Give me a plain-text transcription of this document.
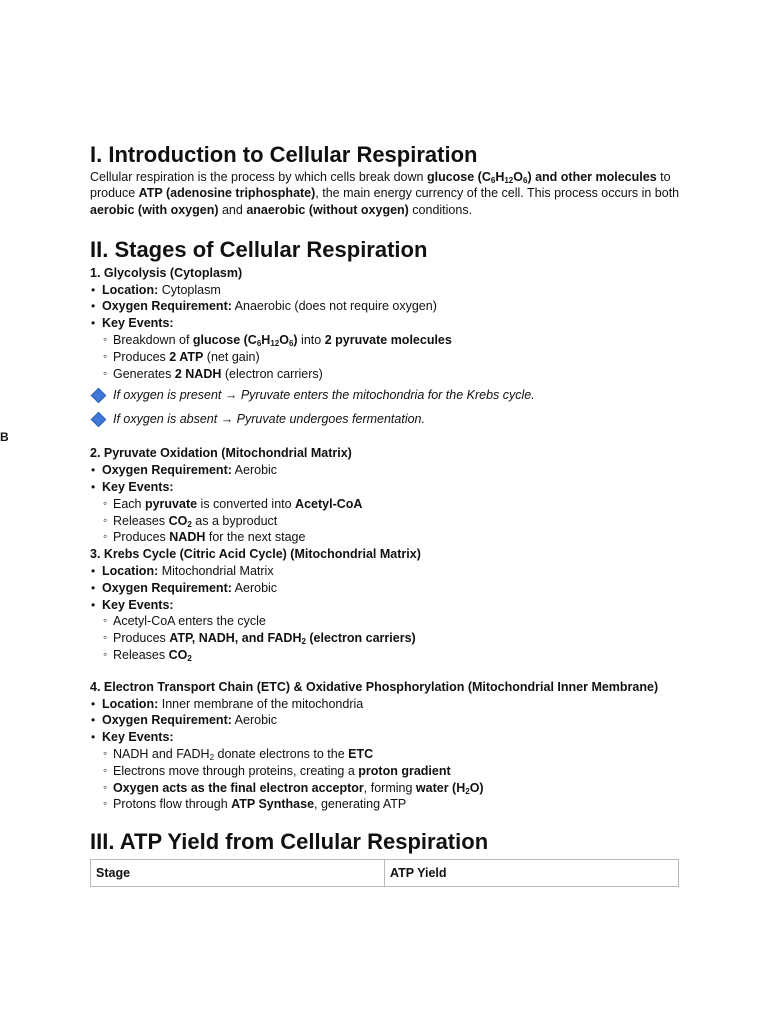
B
I. Introduction to Cellular Respiration
Cellular respiration is the process by which cells break down glucose $(C_6H_{12}O_6)$ and other molecules to produce ATP (adenosine triphosphate), the main energy currency of the cell. This process occurs in both aerobic (with oxygen) and anaerobic (without oxygen) conditions.
II. Stages of Cellular Respiration
1. Glycolysis (Cytoplasm)
• Location: Cytoplasm
• Oxygen Requirement: Anaerobic (does not require oxygen)
• Key Events:
◦ Breakdown of glucose $(C_6H_{12}O_6)$ into 2 pyruvate molecules
◦ Produces 2 ATP (net gain)
◦ Generates 2 NADH (electron carriers)
If oxygen is present → Pyruvate enters the mitochondria for the Krebs cycle.
If oxygen is absent → Pyruvate undergoes fermentation.
2. Pyruvate Oxidation (Mitochondrial Matrix)
• Oxygen Requirement: Aerobic
• Key Events:
◦ Each pyruvate is converted into Acetyl-CoA
◦ Releases $CO_2$ as a byproduct
◦ Produces NADH for the next stage
3. Krebs Cycle (Citric Acid Cycle) (Mitochondrial Matrix)
• Location: Mitochondrial Matrix
• Oxygen Requirement: Aerobic
• Key Events:
◦ Acetyl-CoA enters the cycle
◦ Produces ATP, NADH, and $FADH_2$ (electron carriers)
◦ Releases $CO_2$
4. Electron Transport Chain (ETC) & Oxidative Phosphorylation (Mitochondrial Inner Membrane)
• Location: Inner membrane of the mitochondria
• Oxygen Requirement: Aerobic
• Key Events:
◦ NADH and $FADH_2$ donate electrons to the ETC
◦ Electrons move through proteins, creating a proton gradient
◦ Oxygen acts as the final electron acceptor, forming water $(H_2O)$
◦ Protons flow through ATP Synthase, generating ATP
III. ATP Yield from Cellular Respiration
Stage	ATP Yield
